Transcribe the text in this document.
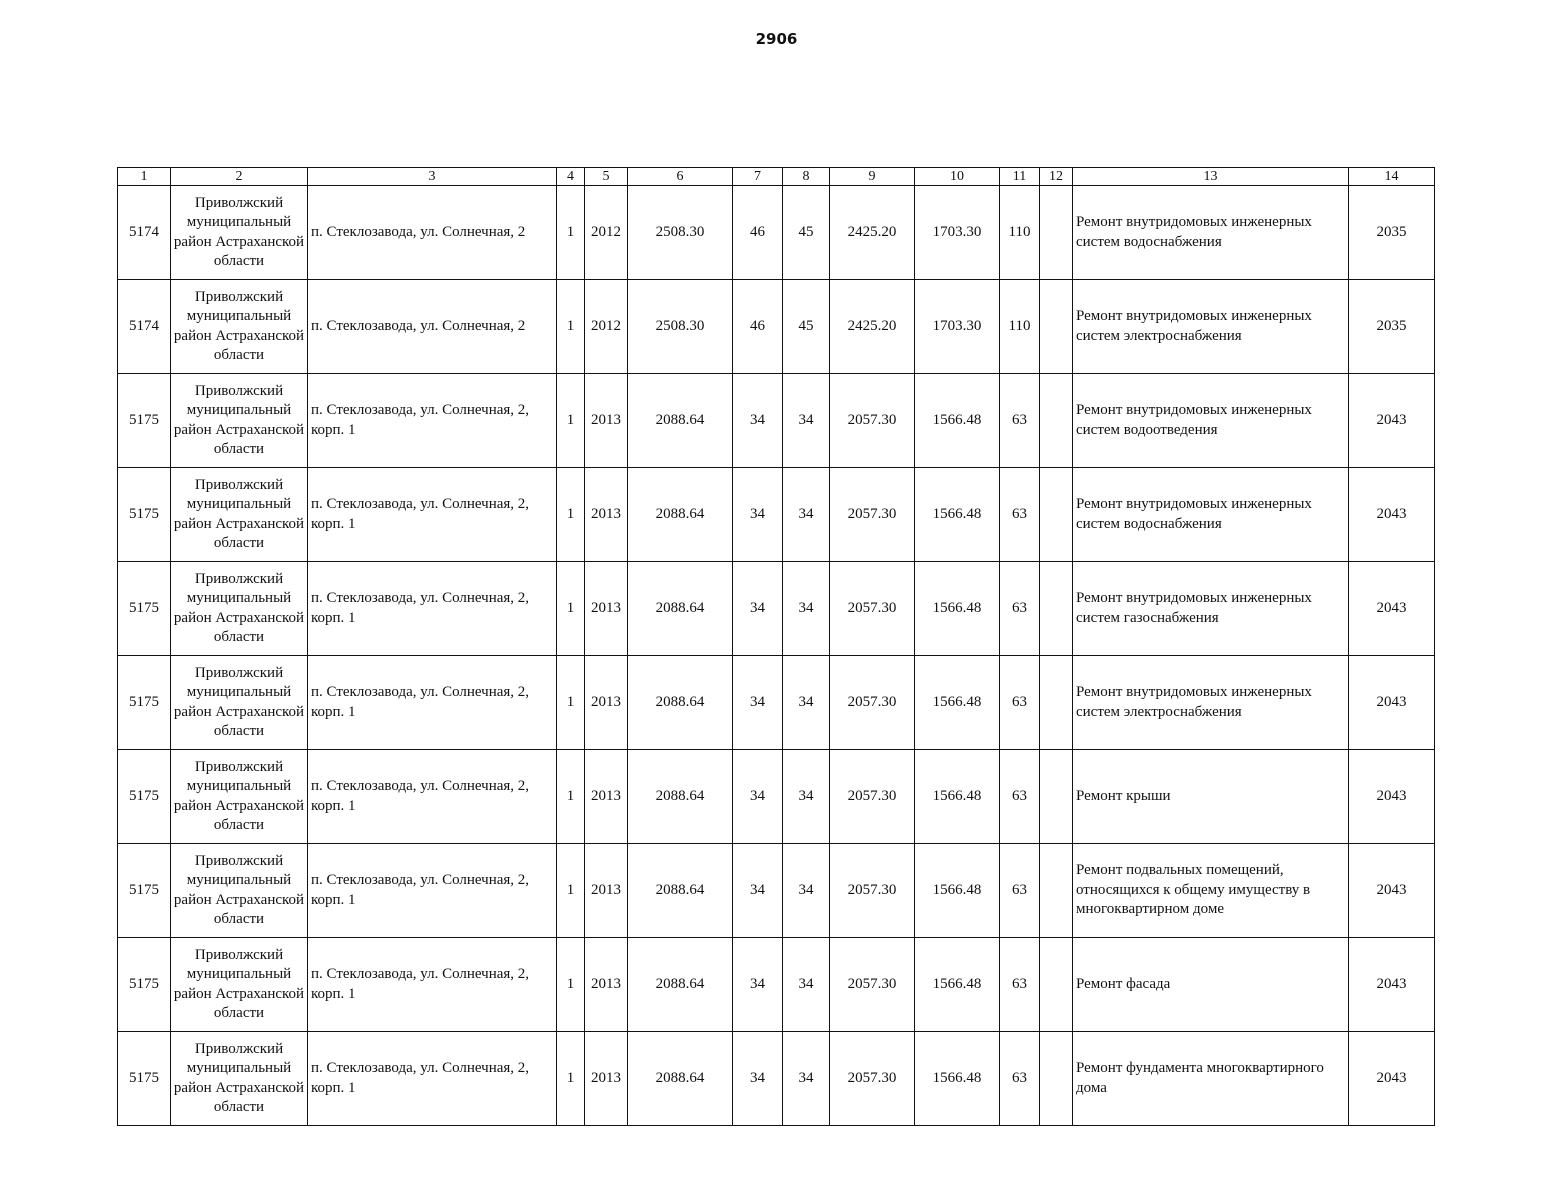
2906
1	2	3	4	5	6	7	8	9	10	11	12	13	14
5174	Приволжский муниципальный район Астраханской области	п. Стеклозавода, ул. Солнечная, 2	1	2012	2508.30	46	45	2425.20	1703.30	110		Ремонт внутридомовых инженерных систем водоснабжения	2035
5174	Приволжский муниципальный район Астраханской области	п. Стеклозавода, ул. Солнечная, 2	1	2012	2508.30	46	45	2425.20	1703.30	110		Ремонт внутридомовых инженерных систем электроснабжения	2035
5175	Приволжский муниципальный район Астраханской области	п. Стеклозавода, ул. Солнечная, 2, корп. 1	1	2013	2088.64	34	34	2057.30	1566.48	63		Ремонт внутридомовых инженерных систем водоотведения	2043
5175	Приволжский муниципальный район Астраханской области	п. Стеклозавода, ул. Солнечная, 2, корп. 1	1	2013	2088.64	34	34	2057.30	1566.48	63		Ремонт внутридомовых инженерных систем водоснабжения	2043
5175	Приволжский муниципальный район Астраханской области	п. Стеклозавода, ул. Солнечная, 2, корп. 1	1	2013	2088.64	34	34	2057.30	1566.48	63		Ремонт внутридомовых инженерных систем газоснабжения	2043
5175	Приволжский муниципальный район Астраханской области	п. Стеклозавода, ул. Солнечная, 2, корп. 1	1	2013	2088.64	34	34	2057.30	1566.48	63		Ремонт внутридомовых инженерных систем электроснабжения	2043
5175	Приволжский муниципальный район Астраханской области	п. Стеклозавода, ул. Солнечная, 2, корп. 1	1	2013	2088.64	34	34	2057.30	1566.48	63		Ремонт крыши	2043
5175	Приволжский муниципальный район Астраханской области	п. Стеклозавода, ул. Солнечная, 2, корп. 1	1	2013	2088.64	34	34	2057.30	1566.48	63		Ремонт подвальных помещений, относящихся к общему имуществу в многоквартирном доме	2043
5175	Приволжский муниципальный район Астраханской области	п. Стеклозавода, ул. Солнечная, 2, корп. 1	1	2013	2088.64	34	34	2057.30	1566.48	63		Ремонт фасада	2043
5175	Приволжский муниципальный район Астраханской области	п. Стеклозавода, ул. Солнечная, 2, корп. 1	1	2013	2088.64	34	34	2057.30	1566.48	63		Ремонт фундамента многоквартирного дома	2043
